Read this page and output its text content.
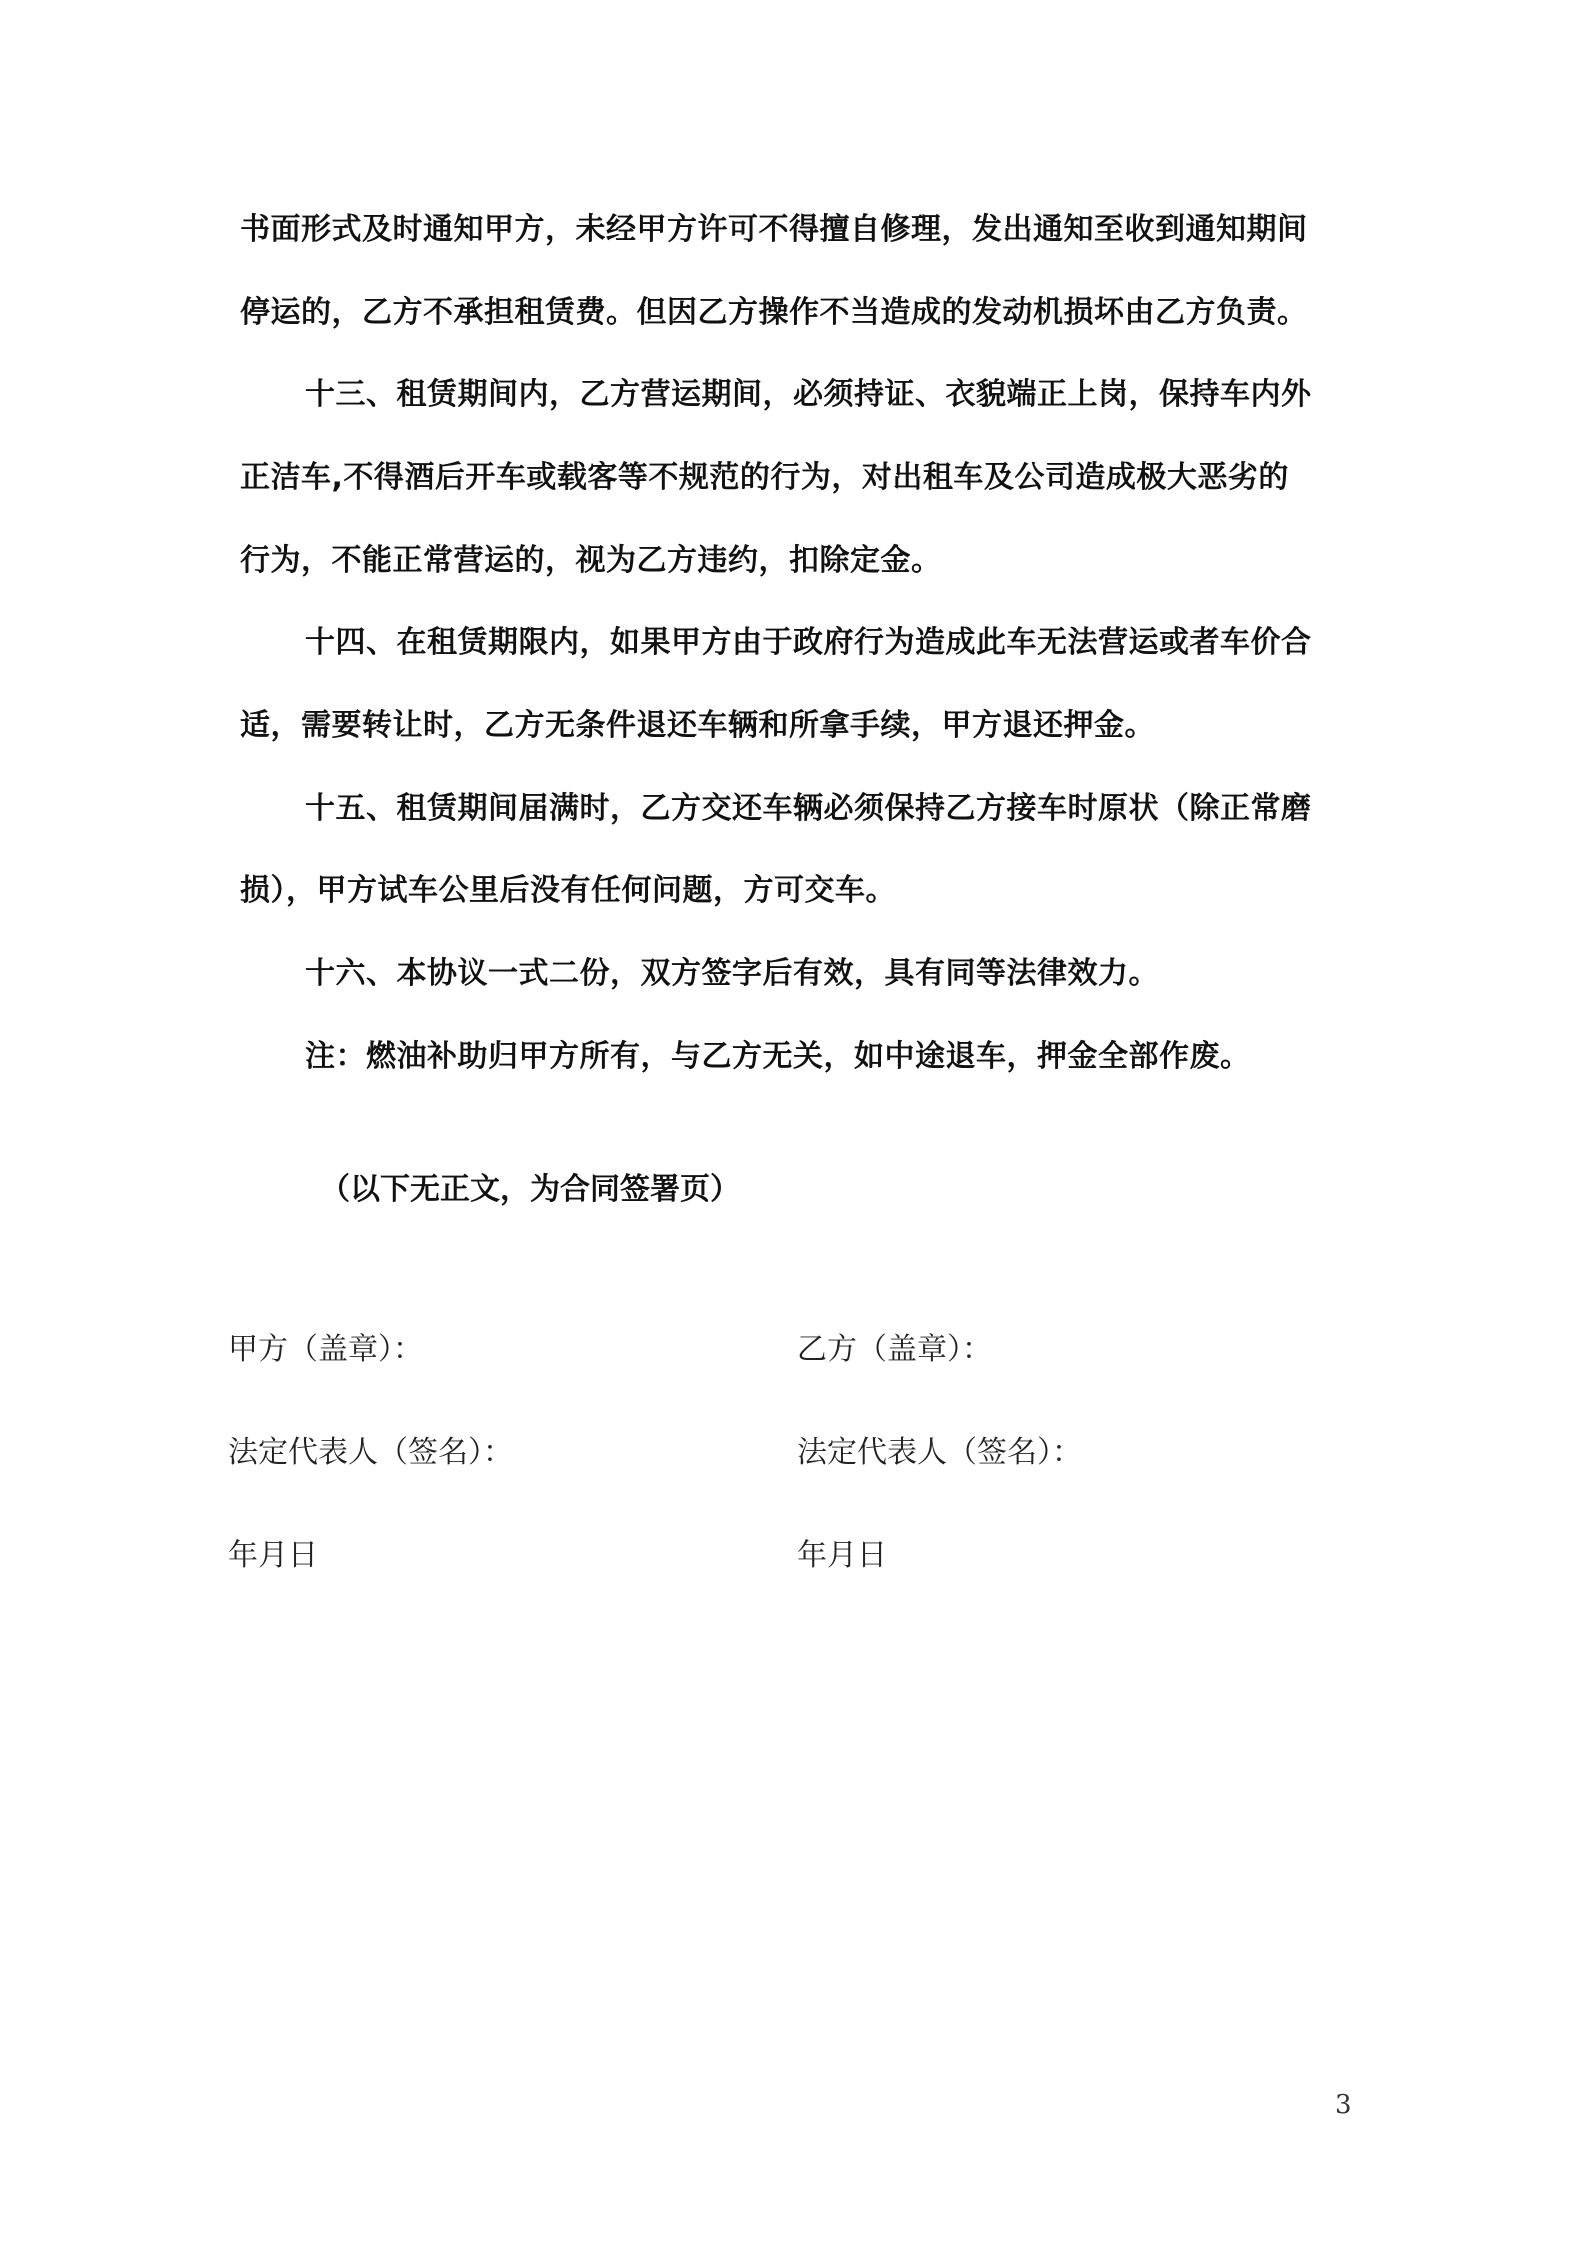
书面形式及时通知甲方，未经甲方许可不得擅自修理，发出通知至收到通知期间
停运的，乙方不承担租赁费。但因乙方操作不当造成的发动机损坏由乙方负责。
十三、租赁期间内，乙方营运期间，必须持证、衣貌端正上岗，保持车内外
正洁车,不得酒后开车或载客等不规范的行为，对出租车及公司造成极大恶劣的
行为，不能正常营运的，视为乙方违约，扣除定金。
十四、在租赁期限内，如果甲方由于政府行为造成此车无法营运或者车价合
适，需要转让时，乙方无条件退还车辆和所拿手续，甲方退还押金。
十五、租赁期间届满时，乙方交还车辆必须保持乙方接车时原状（除正常磨
损），甲方试车公里后没有任何问题，方可交车。
十六、本协议一式二份，双方签字后有效，具有同等法律效力。
注：燃油补助归甲方所有，与乙方无关，如中途退车，押金全部作废。
（以下无正文，为合同签署页）
甲方（盖章）：	乙方（盖章）：
法定代表人（签名）：	法定代表人（签名）：
年月日	年月日
3
